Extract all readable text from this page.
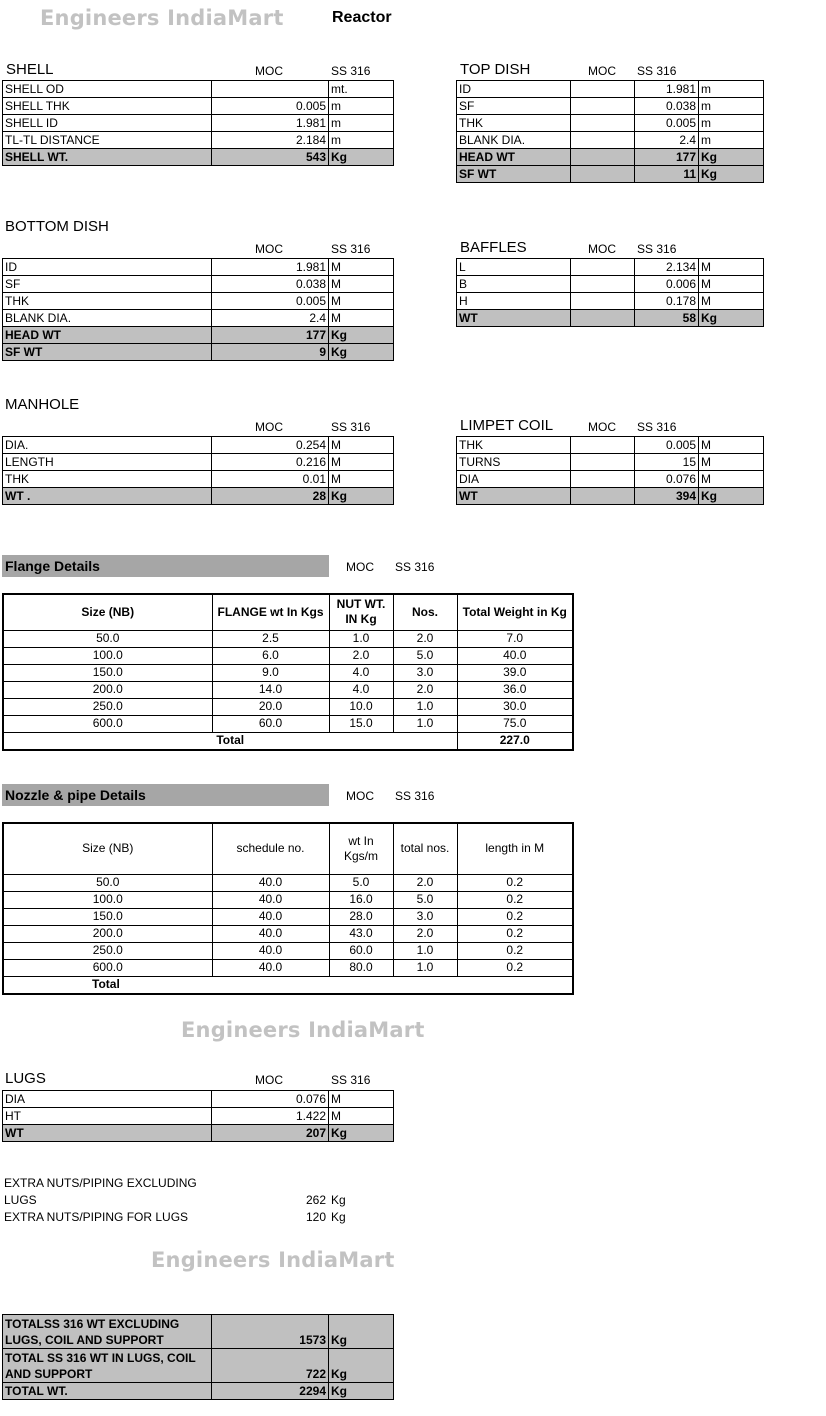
Engineers IndiaMart	Reactor
SHELL	MOC	SS 316
SHELL OD		mt.
SHELL THK	0.005	m
SHELL ID	1.981	m
TL-TL DISTANCE	2.184	m
SHELL WT.	543	Kg
TOP DISH	MOC SS 316
ID		1.981	m
SF		0.038	m
THK		0.005	m
BLANK DIA.		2.4	m
HEAD WT		177	Kg
SF WT		11	Kg
BOTTOM DISH
MOC	SS 316
ID	1.981	M
SF	0.038	M
THK	0.005	M
BLANK DIA.	2.4	M
HEAD WT	177	Kg
SF WT	9	Kg
BAFFLES	MOC SS 316
L		2.134	M
B		0.006	M
H		0.178	M
WT		58	Kg
MANHOLE
MOC	SS 316
DIA.	0.254	M
LENGTH	0.216	M
THK	0.01	M
WT .	28	Kg
LIMPET COIL	MOC SS 316
THK		0.005	M
TURNS		15	M
DIA		0.076	M
WT		394	Kg
Flange Details	MOC SS 316
Size (NB)	FLANGE wt In Kgs	NUT WT. IN Kg	Nos.	Total Weight in Kg
50.0	2.5	1.0	2.0	7.0
100.0	6.0	2.0	5.0	40.0
150.0	9.0	4.0	3.0	39.0
200.0	14.0	4.0	2.0	36.0
250.0	20.0	10.0	1.0	30.0
600.0	60.0	15.0	1.0	75.0
Total				227.0
Nozzle & pipe Details	MOC SS 316
Size (NB)	schedule no.	wt In Kgs/m	total nos.	length in M
50.0	40.0	5.0	2.0	0.2
100.0	40.0	16.0	5.0	0.2
150.0	40.0	28.0	3.0	0.2
200.0	40.0	43.0	2.0	0.2
250.0	40.0	60.0	1.0	0.2
600.0	40.0	80.0	1.0	0.2
Total				
Engineers IndiaMart
LUGS	MOC	SS 316
DIA	0.076	M
HT	1.422	M
WT	207	Kg
EXTRA NUTS/PIPING EXCLUDING
LUGS	262 Kg
EXTRA NUTS/PIPING FOR LUGS	120 Kg
Engineers IndiaMart
TOTALSS 316 WT EXCLUDING LUGS, COIL AND SUPPORT	1573	Kg
TOTAL SS 316 WT IN LUGS, COIL AND SUPPORT	722	Kg
TOTAL WT.	2294	Kg
